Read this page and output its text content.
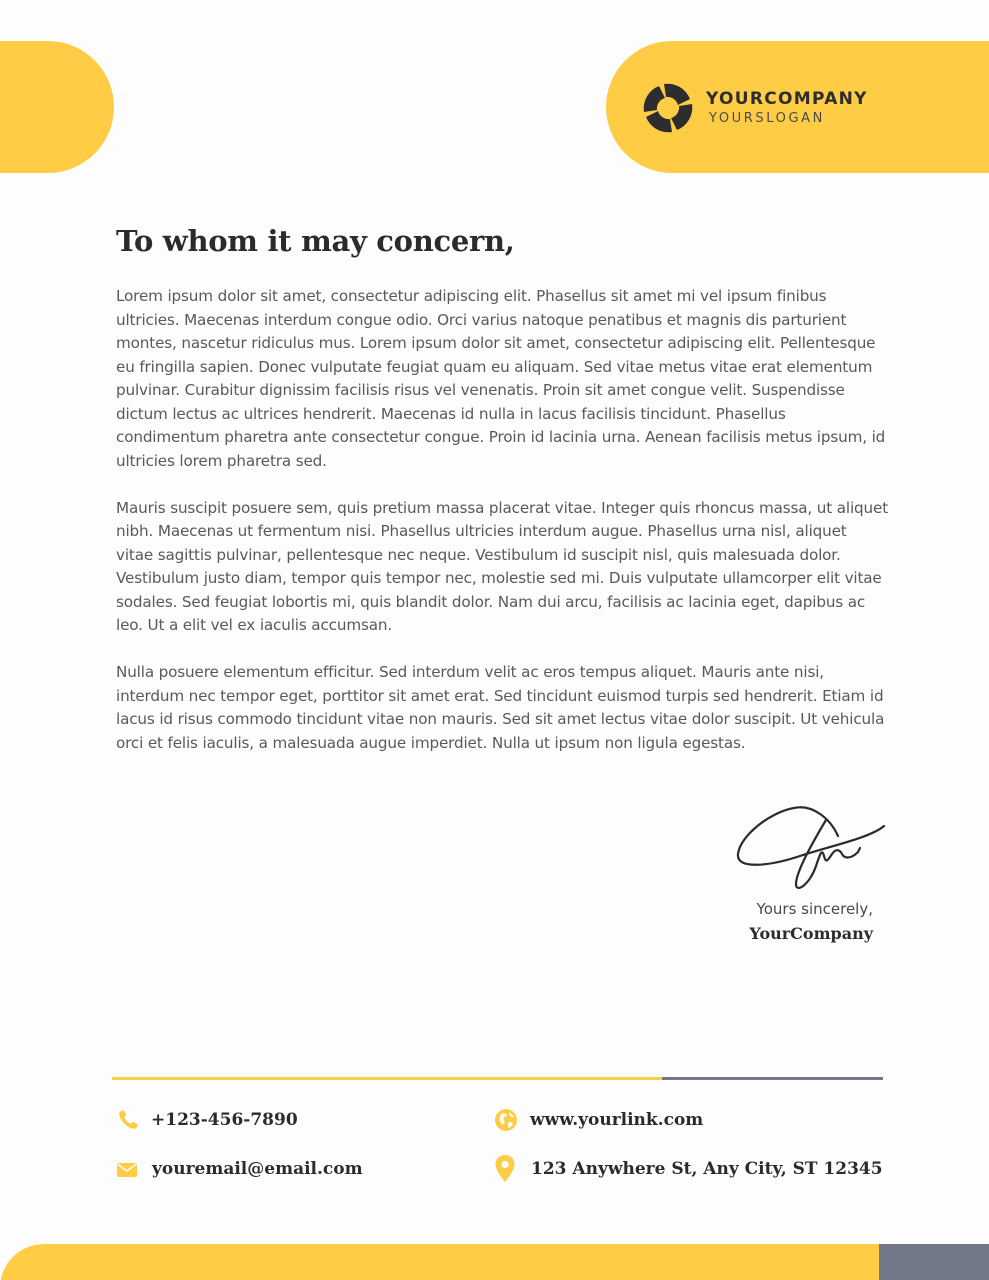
YOURCOMPANY
YOURSLOGAN
To whom it may concern,

Lorem ipsum dolor sit amet, consectetur adipiscing elit. Phasellus sit amet mi vel ipsum finibus ultricies. Maecenas interdum congue odio. Orci varius natoque penatibus et magnis dis parturient montes, nascetur ridiculus mus. Lorem ipsum dolor sit amet, consectetur adipiscing elit. Pellentesque eu fringilla sapien. Donec vulputate feugiat quam eu aliquam. Sed vitae metus vitae erat elementum pulvinar. Curabitur dignissim facilisis risus vel venenatis. Proin sit amet congue velit. Suspendisse dictum lectus ac ultrices hendrerit. Maecenas id nulla in lacus facilisis tincidunt. Phasellus condimentum pharetra ante consectetur congue. Proin id lacinia urna. Aenean facilisis metus ipsum, id ultricies lorem pharetra sed.

Mauris suscipit posuere sem, quis pretium massa placerat vitae. Integer quis rhoncus massa, ut aliquet nibh. Maecenas ut fermentum nisi. Phasellus ultricies interdum augue. Phasellus urna nisl, aliquet vitae sagittis pulvinar, pellentesque nec neque. Vestibulum id suscipit nisl, quis malesuada dolor. Vestibulum justo diam, tempor quis tempor nec, molestie sed mi. Duis vulputate ullamcorper elit vitae sodales. Sed feugiat lobortis mi, quis blandit dolor. Nam dui arcu, facilisis ac lacinia eget, dapibus ac leo. Ut a elit vel ex iaculis accumsan.

Nulla posuere elementum efficitur. Sed interdum velit ac eros tempus aliquet. Mauris ante nisi, interdum nec tempor eget, porttitor sit amet erat. Sed tincidunt euismod turpis sed hendrerit. Etiam id lacus id risus commodo tincidunt vitae non mauris. Sed sit amet lectus vitae dolor suscipit. Ut vehicula orci et felis iaculis, a malesuada augue imperdiet. Nulla ut ipsum non ligula egestas.

Yours sincerely,
YourCompany
+123-456-7890
youremail@email.com
www.yourlink.com
123 Anywhere St, Any City, ST 12345
